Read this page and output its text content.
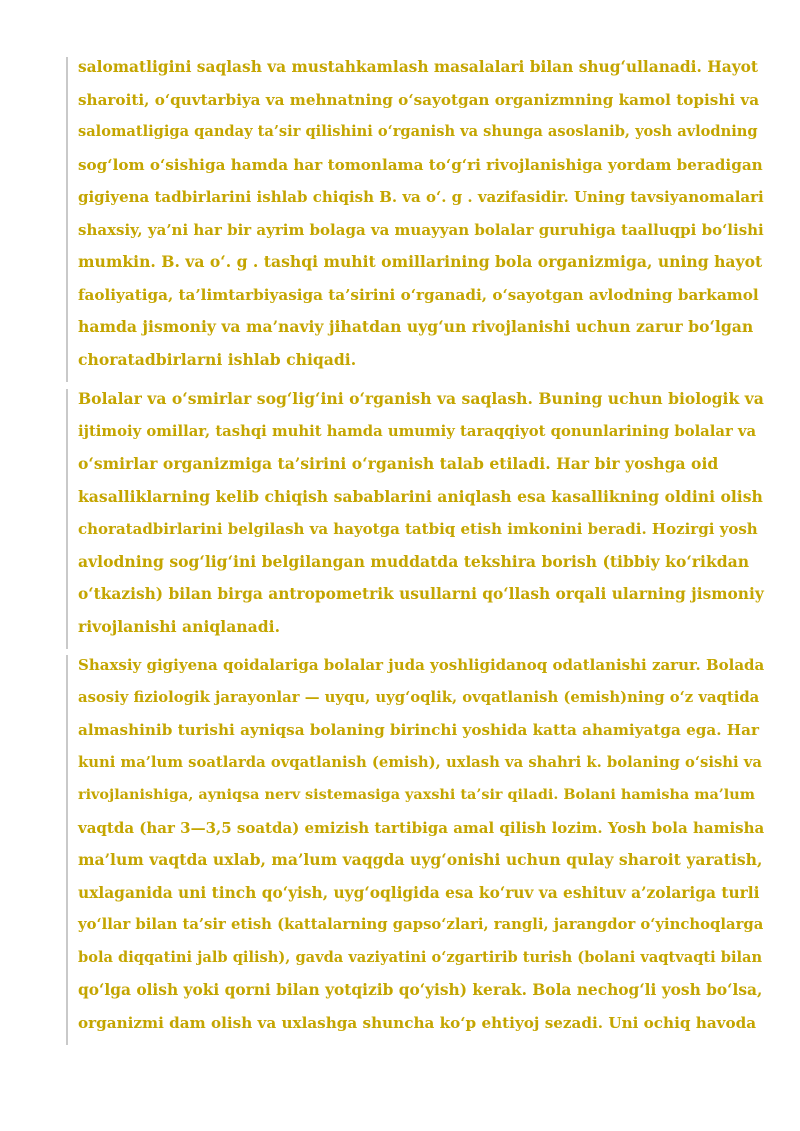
salomatligini saqlash va mustahkamlash masalalari bilan shug‘ullanadi. Hayot
sharoiti, o‘quvtarbiya va mehnatning o‘sayotgan organizmning kamol topishi va
salomatligiga qanday ta’sir qilishini o‘rganish va shunga asoslanib, yosh avlodning
sog‘lom o‘sishiga hamda har tomonlama to‘g‘ri rivojlanishiga yordam beradigan
gigiyena tadbirlarini ishlab chiqish B. va o‘. g . vazifasidir. Uning tavsiyanomalari
shaxsiy, ya’ni har bir ayrim bolaga va muayyan bolalar guruhiga taalluqpi bo‘lishi
mumkin. B. va o‘. g . tashqi muhit omillarining bola organizmiga, uning hayot
faoliyatiga, ta’limtarbiyasiga ta’sirini o‘rganadi, o‘sayotgan avlodning barkamol
hamda jismoniy va ma’naviy jihatdan uyg‘un rivojlanishi uchun zarur bo‘lgan
choratadbirlarni ishlab chiqadi.
Bolalar va o‘smirlar sog‘lig‘ini o‘rganish va saqlash. Buning uchun biologik va
ijtimoiy omillar, tashqi muhit hamda umumiy taraqqiyot qonunlarining bolalar va
o‘smirlar organizmiga ta’sirini o‘rganish talab etiladi. Har bir yoshga oid
kasalliklarning kelib chiqish sabablarini aniqlash esa kasallikning oldini olish
choratadbirlarini belgilash va hayotga tatbiq etish imkonini beradi. Hozirgi yosh
avlodning sog‘lig‘ini belgilangan muddatda tekshira borish (tibbiy ko‘rikdan
o‘tkazish) bilan birga antropometrik usullarni qo‘llash orqali ularning jismoniy
rivojlanishi aniqlanadi.
Shaxsiy gigiyena qoidalariga bolalar juda yoshligidanoq odatlanishi zarur. Bolada
asosiy fiziologik jarayonlar — uyqu, uyg‘oqlik, ovqatlanish (emish)ning o‘z vaqtida
almashinib turishi ayniqsa bolaning birinchi yoshida katta ahamiyatga ega. Har
kuni ma’lum soatlarda ovqatlanish (emish), uxlash va shahri k. bolaning o‘sishi va
rivojlanishiga, ayniqsa nerv sistemasiga yaxshi ta’sir qiladi. Bolani hamisha ma’lum
vaqtda (har 3—3,5 soatda) emizish tartibiga amal qilish lozim. Yosh bola hamisha
ma’lum vaqtda uxlab, ma’lum vaqgda uyg‘onishi uchun qulay sharoit yaratish,
uxlaganida uni tinch qo‘yish, uyg‘oqligida esa ko‘ruv va eshituv a’zolariga turli
yo‘llar bilan ta’sir etish (kattalarning gapso‘zlari, rangli, jarangdor o‘yinchoqlarga
bola diqqatini jalb qilish), gavda vaziyatini o‘zgartirib turish (bolani vaqtvaqti bilan
qo‘lga olish yoki qorni bilan yotqizib qo‘yish) kerak. Bola nechog‘li yosh bo‘lsa,
organizmi dam olish va uxlashga shuncha ko‘p ehtiyoj sezadi. Uni ochiq havoda
